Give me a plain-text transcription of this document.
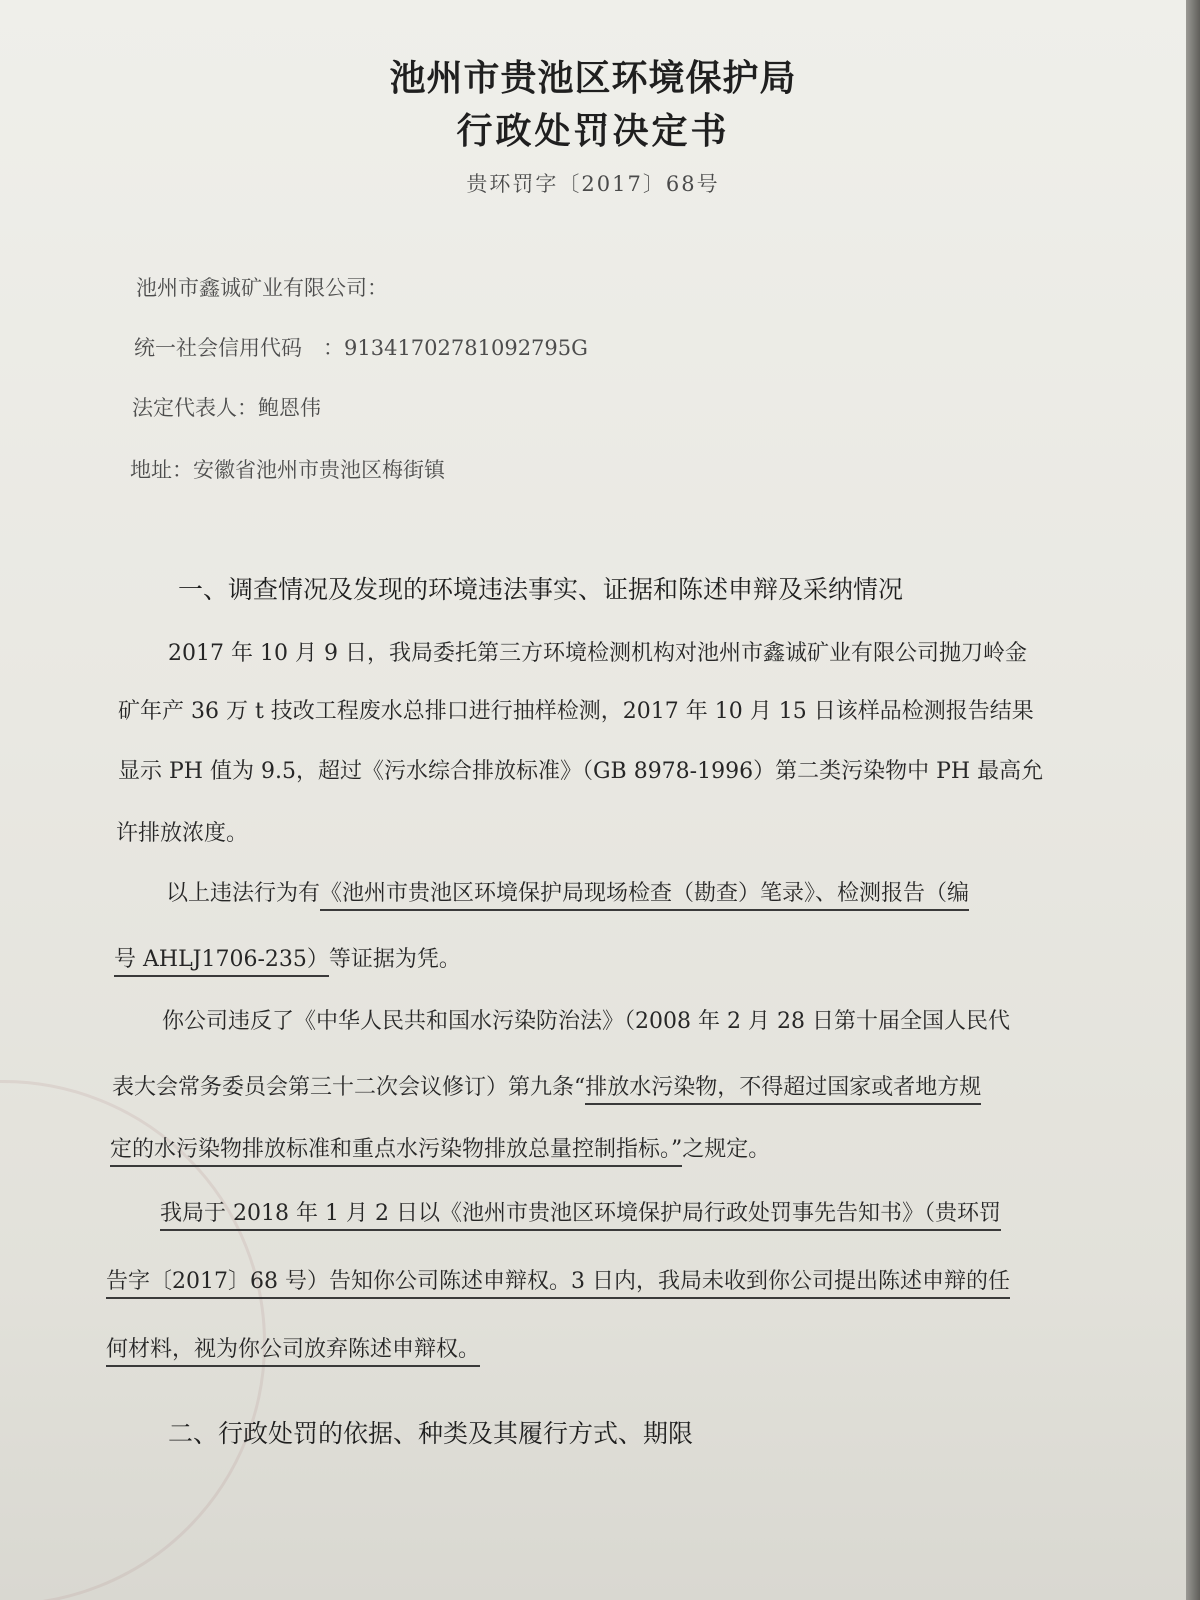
池州市贵池区环境保护局
行政处罚决定书
贵环罚字〔2017〕68号
池州市鑫诚矿业有限公司：
统一社会信用代码　：91341702781092795G
法定代表人：鲍恩伟
地址：安徽省池州市贵池区梅街镇
一、调查情况及发现的环境违法事实、证据和陈述申辩及采纳情况
2017 年 10 月 9 日，我局委托第三方环境检测机构对池州市鑫诚矿业有限公司抛刀岭金
矿年产 36 万 t 技改工程废水总排口进行抽样检测，2017 年 10 月 15 日该样品检测报告结果
显示 PH 值为 9.5，超过《污水综合排放标准》（GB 8978-1996）第二类污染物中 PH 最高允
许排放浓度。
以上违法行为有《池州市贵池区环境保护局现场检查（勘查）笔录》、检测报告（编
号 AHLJ1706-235）等证据为凭。
你公司违反了《中华人民共和国水污染防治法》（2008 年 2 月 28 日第十届全国人民代
表大会常务委员会第三十二次会议修订）第九条“排放水污染物，不得超过国家或者地方规
定的水污染物排放标准和重点水污染物排放总量控制指标。”之规定。
我局于 2018 年 1 月 2 日以《池州市贵池区环境保护局行政处罚事先告知书》（贵环罚
告字〔2017〕68 号）告知你公司陈述申辩权。3 日内，我局未收到你公司提出陈述申辩的任
何材料，视为你公司放弃陈述申辩权。
二、行政处罚的依据、种类及其履行方式、期限
